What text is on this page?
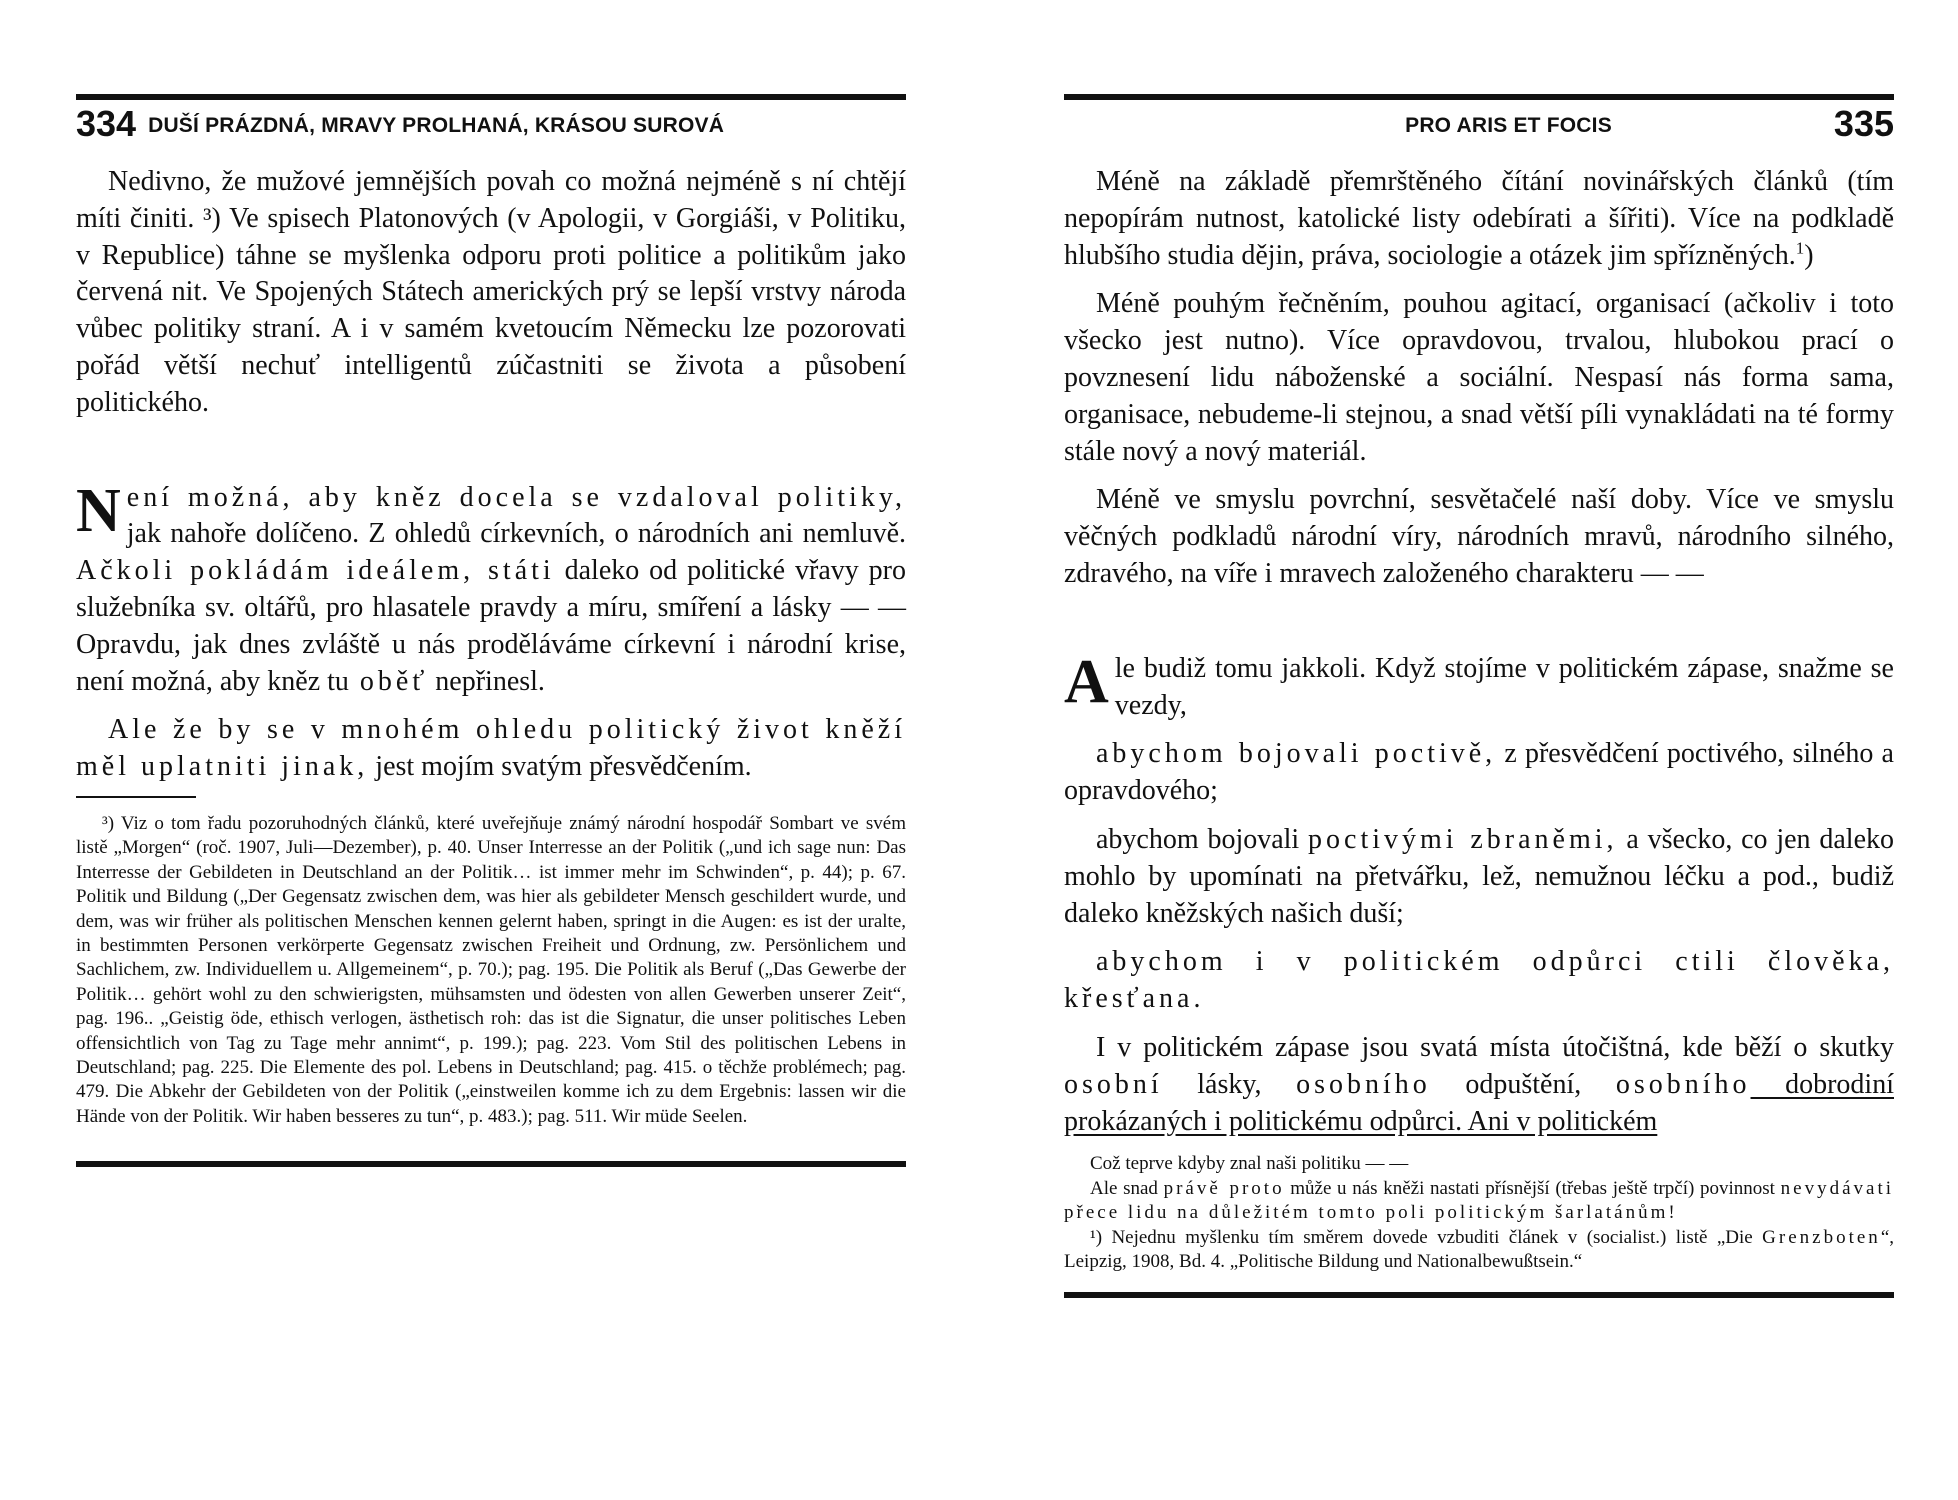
334 DUŠÍ PRÁZDNÁ, MRAVY PROLHANÁ, KRÁSOU SUROVÁ

Nedivno, že mužové jemnějších povah co možná nejméně s ní chtějí míti činiti. ³) Ve spisech Platonových (v Apologii, v Gorgiáši, v Politiku, v Republice) táhne se myšlenka odporu proti politice a politikům jako červená nit. Ve Spojených Státech amerických prý se lepší vrstvy národa vůbec politiky straní. A i v samém kvetoucím Německu lze pozorovati pořád větší nechuť intelligentů zúčastniti se života a působení politického.

Není možná, aby kněz docela se vzdaloval politiky, jak nahoře dolíčeno. Z ohledů církevních, o národních ani nemluvě. Ačkoli pokládám ideálem, státi daleko od politické vřavy pro služebníka sv. oltářů, pro hlasatele pravdy a míru, smíření a lásky — — Opravdu, jak dnes zvláště u nás proděláváme církevní i národní krise, není možná, aby kněz tu oběť nepřinesl.

Ale že by se v mnohém ohledu politický život kněží měl uplatniti jinak, jest mojím svatým přesvědčením.

³) Viz o tom řadu pozoruhodných článků, které uveřejňuje známý národní hospodář Sombart ve svém listě „Morgen“ (roč. 1907, Juli—Dezember), p. 40. Unser Interresse an der Politik („und ich sage nun: Das Interresse der Gebildeten in Deutschland an der Politik… ist immer mehr im Schwinden“, p. 44); p. 67. Politik und Bildung („Der Gegensatz zwischen dem, was hier als gebildeter Mensch geschildert wurde, und dem, was wir früher als politischen Menschen kennen gelernt haben, springt in die Augen: es ist der uralte, in bestimmten Personen verkörperte Gegensatz zwischen Freiheit und Ordnung, zw. Persönlichem und Sachlichem, zw. Individuellem u. Allgemeinem“, p. 70.); pag. 195. Die Politik als Beruf („Das Gewerbe der Politik… gehört wohl zu den schwierigsten, mühsamsten und ödesten von allen Gewerben unserer Zeit“, pag. 196.. „Geistig öde, ethisch verlogen, ästhetisch roh: das ist die Signatur, die unser politisches Leben offensichtlich von Tag zu Tage mehr annimt“, p. 199.); pag. 223. Vom Stil des politischen Lebens in Deutschland; pag. 225. Die Elemente des pol. Lebens in Deutschland; pag. 415. o těchže problémech; pag. 479. Die Abkehr der Gebildeten von der Politik („einstweilen komme ich zu dem Ergebnis: lassen wir die Hände von der Politik. Wir haben besseres zu tun“, p. 483.); pag. 511. Wir müde Seelen.

PRO ARIS ET FOCIS	335

Méně na základě přemrštěného čítání novinářských článků (tím nepopírám nutnost, katolické listy odebírati a šířiti). Více na podkladě hlubšího studia dějin, práva, sociologie a otázek jim spřízněných.$^1$)

Méně pouhým řečněním, pouhou agitací, organisací (ačkoliv i toto všecko jest nutno). Více opravdovou, trvalou, hlubokou prací o povznesení lidu náboženské a sociální. Nespasí nás forma sama, organisace, nebudeme-li stejnou, a snad větší píli vynakládati na té formy stále nový a nový materiál.

Méně ve smyslu povrchní, sesvětačelé naší doby. Více ve smyslu věčných podkladů národní víry, národních mravů, národního silného, zdravého, na víře i mravech založeného charakteru — —

Ale budiž tomu jakkoli. Když stojíme v politickém zápase, snažme se vezdy,

abychom bojovali poctivě, z přesvědčení poctivého, silného a opravdového;

abychom bojovali poctivými zbraněmi, a všecko, co jen daleko mohlo by upomínati na přetvářku, lež, nemužnou léčku a pod., budiž daleko kněžských našich duší;

abychom i v politickém odpůrci ctili člověka, křesťana.

I v politickém zápase jsou svatá místa útočištná, kde běží o skutky osobní lásky, osobního odpuštění, osobního dobrodiní prokázaných i politickému odpůrci. Ani v politickém

Což teprve kdyby znal naši politiku — —

Ale snad právě proto může u nás kněži nastati přísnější (třebas ještě trpčí) povinnost nevydávati přece lidu na důležitém tomto poli politickým šarlatánům!

¹) Nejednu myšlenku tím směrem dovede vzbuditi článek v (socialist.) listě „Die Grenzboten“, Leipzig, 1908, Bd. 4. „Politische Bildung und Nationalbewußtsein.“
